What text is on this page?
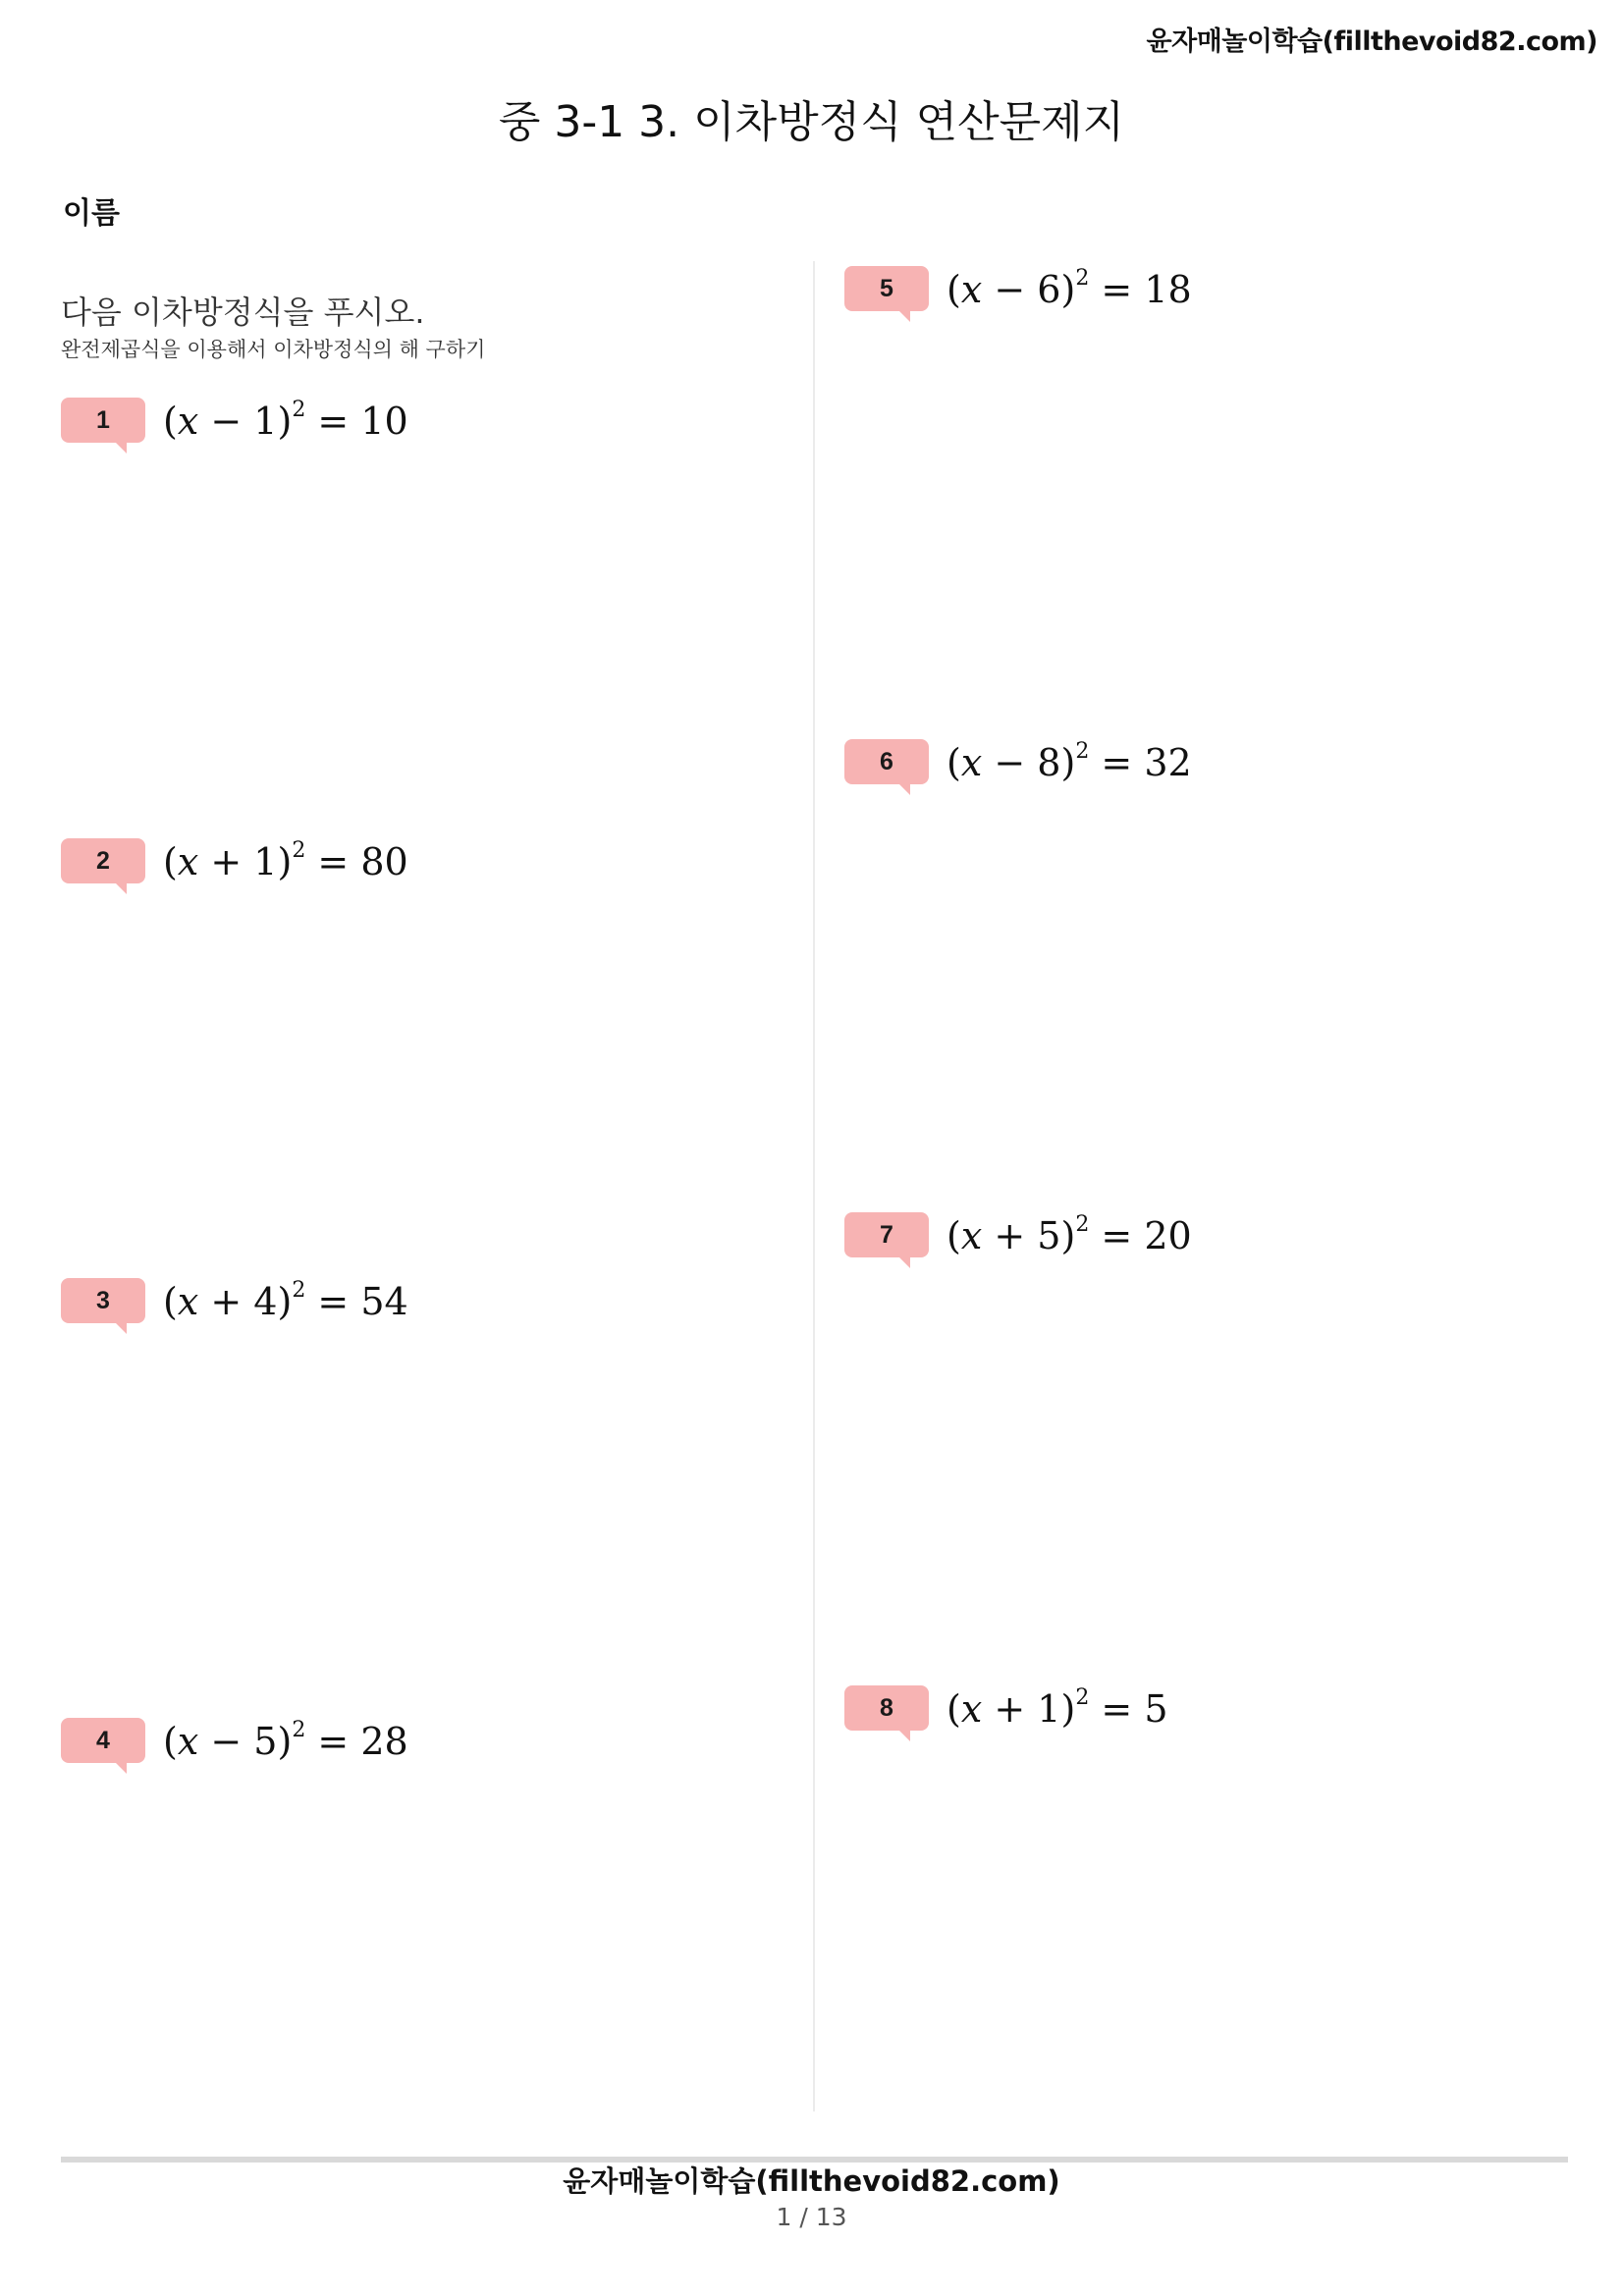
윤자매놀이학습(fillthevoid82.com)
중 3-1 3. 이차방정식 연산문제지
이름
다음 이차방정식을 푸시오.
완전제곱식을 이용해서 이차방정식의 해 구하기
1	$(x - 1)^2 = 10$
2	$(x + 1)^2 = 80$
3	$(x + 4)^2 = 54$
4	$(x - 5)^2 = 28$
5	$(x - 6)^2 = 18$
6	$(x - 8)^2 = 32$
7	$(x + 5)^2 = 20$
8	$(x + 1)^2 = 5$
윤자매놀이학습(fillthevoid82.com)
1 / 13
